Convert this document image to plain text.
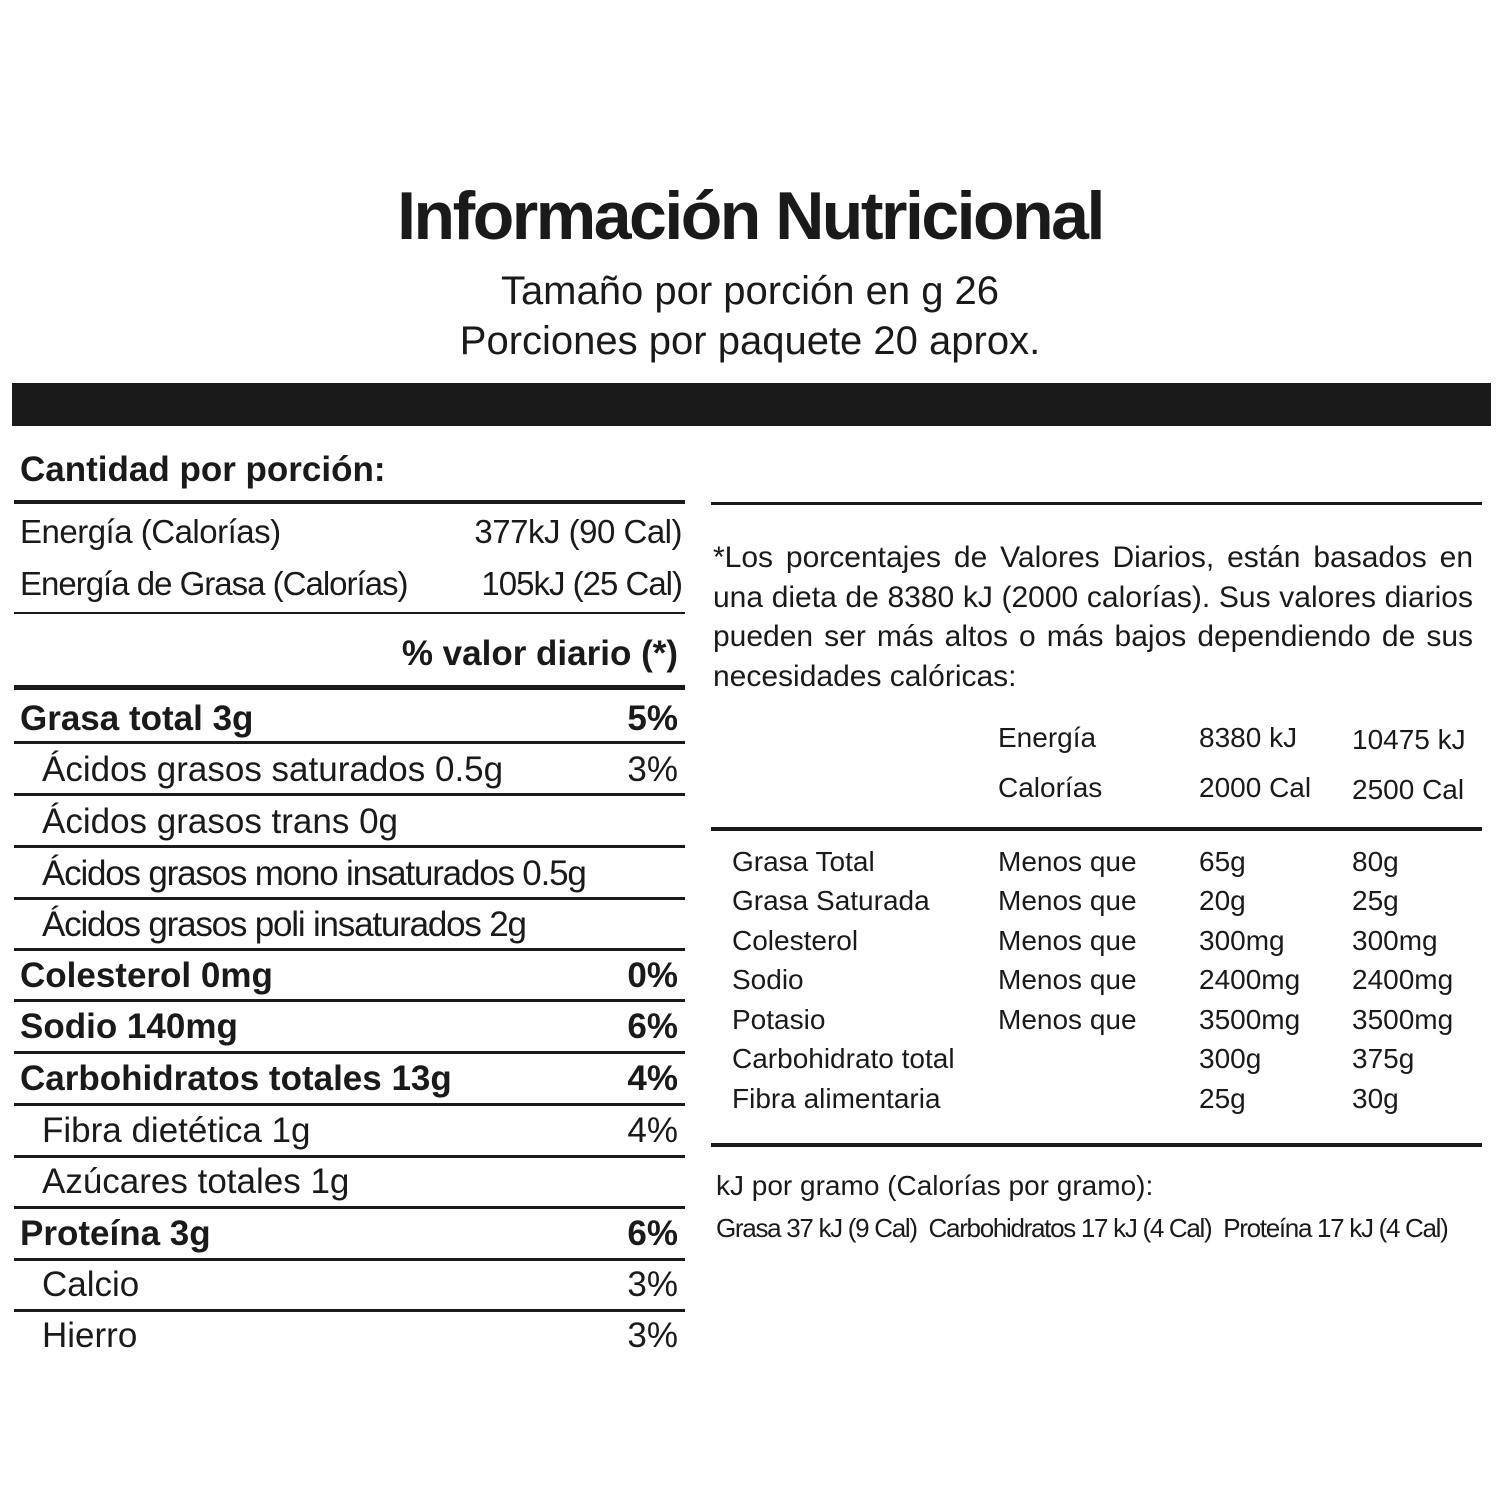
Información Nutricional
Tamaño por porción en g 26
Porciones por paquete 20 aprox.
Cantidad por porción:
Energía (Calorías)	377kJ (90 Cal)
Energía de Grasa (Calorías) 105kJ (25 Cal)
% valor diario (*)
Grasa total 3g	5%
Ácidos grasos saturados 0.5g	3%
Ácidos grasos trans 0g
Ácidos grasos mono insaturados 0.5g
Ácidos grasos poli insaturados 2g
Colesterol 0mg	0%
Sodio 140mg	6%
Carbohidratos totales 13g	4%
Fibra dietética 1g	4%
Azúcares totales 1g
Proteína 3g	6%
Calcio	3%
Hierro	3%
*Los porcentajes de Valores Diarios, están basados en una dieta de 8380 kJ (2000 calorías). Sus valores diarios pueden ser más altos o más bajos dependiendo de sus necesidades calóricas:
Energía	8380 kJ 10475 kJ
Calorías	2000 Cal 2500 Cal
Grasa Total	Menos que 65g	80g
Grasa Saturada Menos que 20g	25g
Colesterol	Menos que 300mg 300mg
Sodio	Menos que 2400mg 2400mg
Potasio	Menos que 3500mg 3500mg
Carbohidrato total	300g	375g
Fibra alimentaria	25g	30g
kJ por gramo (Calorías por gramo):
Grasa 37 kJ (9 Cal)  Carbohidratos 17 kJ (4 Cal)  Proteína 17 kJ (4 Cal)
